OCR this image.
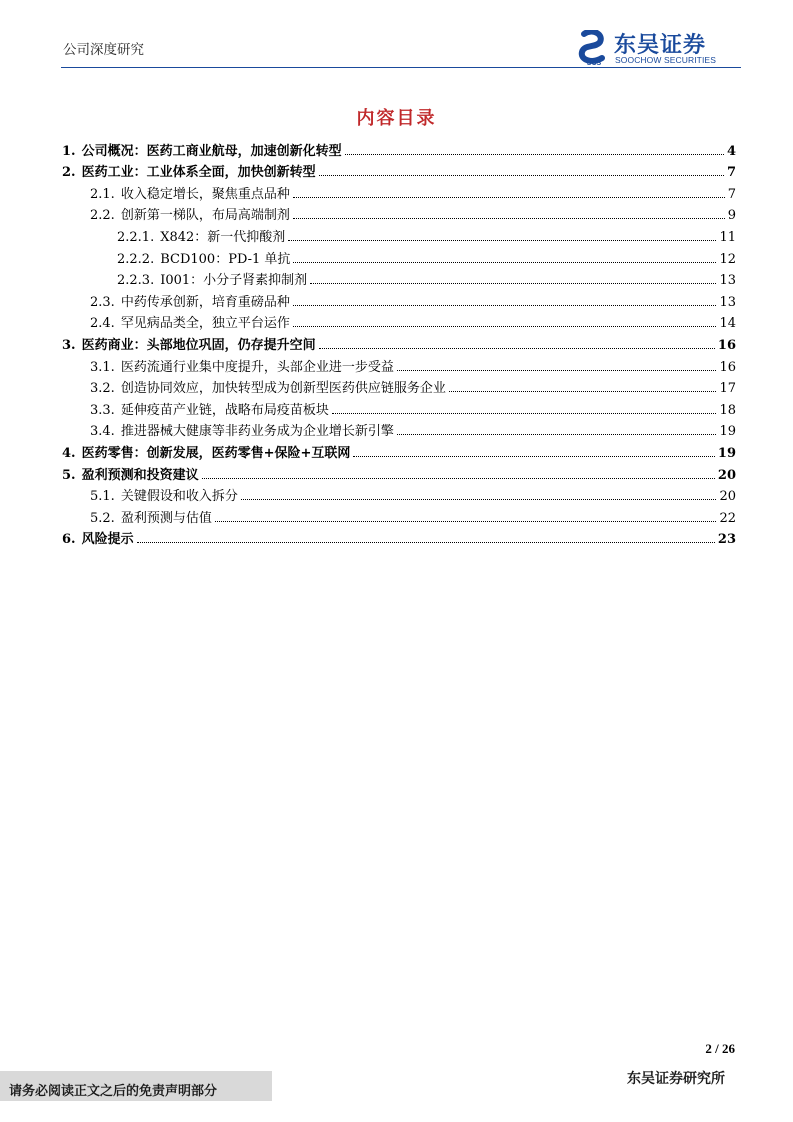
公司深度研究
SCS
东吴证券
SOOCHOW SECURITIES
内容目录
1. 公司概况：医药工商业航母，加速创新化转型	4
2. 医药工业：工业体系全面，加快创新转型	7
2.1. 收入稳定增长，聚焦重点品种	7
2.2. 创新第一梯队，布局高端制剂	9
2.2.1. X842：新一代抑酸剂	11
2.2.2. BCD100：PD-1 单抗	12
2.2.3. I001：小分子肾素抑制剂	13
2.3. 中药传承创新，培育重磅品种	13
2.4. 罕见病品类全，独立平台运作	14
3. 医药商业：头部地位巩固，仍存提升空间	16
3.1. 医药流通行业集中度提升，头部企业进一步受益	16
3.2. 创造协同效应，加快转型成为创新型医药供应链服务企业	17
3.3. 延伸疫苗产业链，战略布局疫苗板块	18
3.4. 推进器械大健康等非药业务成为企业增长新引擎	19
4. 医药零售：创新发展，医药零售+保险+互联网	19
5. 盈利预测和投资建议	20
5.1. 关键假设和收入拆分	20
5.2. 盈利预测与估值	22
6. 风险提示	23
2 / 26
请务必阅读正文之后的免责声明部分
东吴证券研究所
